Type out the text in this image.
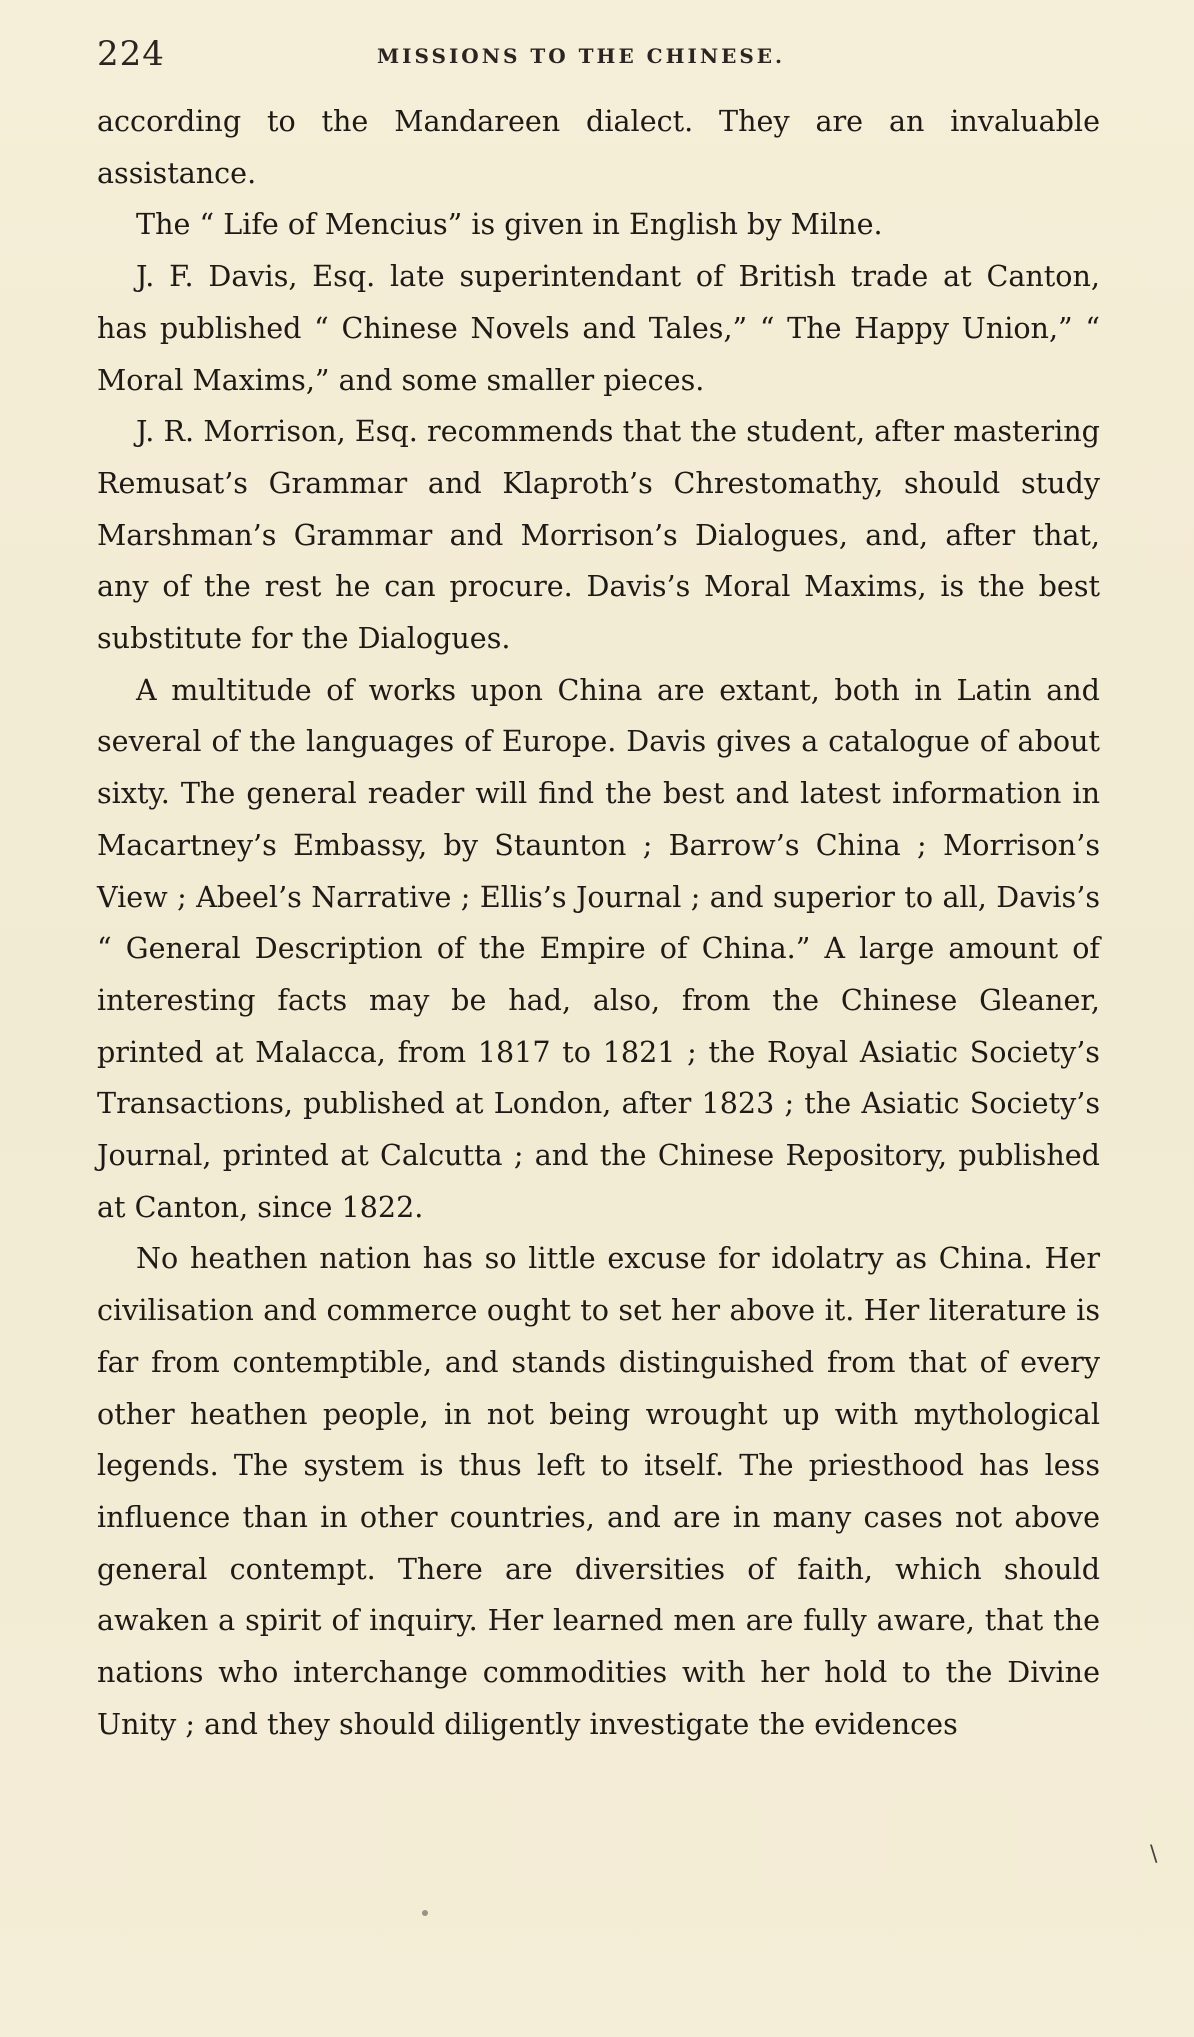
224	MISSIONS TO THE CHINESE.

according to the Mandareen dialect. They are an invaluable assistance.

The “ Life of Mencius” is given in English by Milne.

J. F. Davis, Esq. late superintendant of British trade at Canton, has published “ Chinese Novels and Tales,” “ The Happy Union,” “ Moral Maxims,” and some smaller pieces.

J. R. Morrison, Esq. recommends that the student, after mastering Remusat’s Grammar and Klaproth’s Chrestomathy, should study Marshman’s Grammar and Morrison’s Dialogues, and, after that, any of the rest he can procure. Davis’s Moral Maxims, is the best substitute for the Dialogues.

A multitude of works upon China are extant, both in Latin and several of the languages of Europe. Davis gives a catalogue of about sixty. The general reader will find the best and latest information in Macartney’s Embassy, by Staunton ; Barrow’s China ; Morrison’s View ; Abeel’s Narrative ; Ellis’s Journal ; and superior to all, Davis’s “ General Description of the Empire of China.” A large amount of interesting facts may be had, also, from the Chinese Gleaner, printed at Malacca, from 1817 to 1821 ; the Royal Asiatic Society’s Transactions, published at London, after 1823 ; the Asiatic Society’s Journal, printed at Calcutta ; and the Chinese Repository, published at Canton, since 1822.

No heathen nation has so little excuse for idolatry as China. Her civilisation and commerce ought to set her above it. Her literature is far from contemptible, and stands distinguished from that of every other heathen people, in not being wrought up with mythological legends. The system is thus left to itself. The priesthood has less influence than in other countries, and are in many cases not above general contempt. There are diversities of faith, which should awaken a spirit of inquiry. Her learned men are fully aware, that the nations who interchange commodities with her hold to the Divine Unity ; and they should diligently investigate the evidences

\
